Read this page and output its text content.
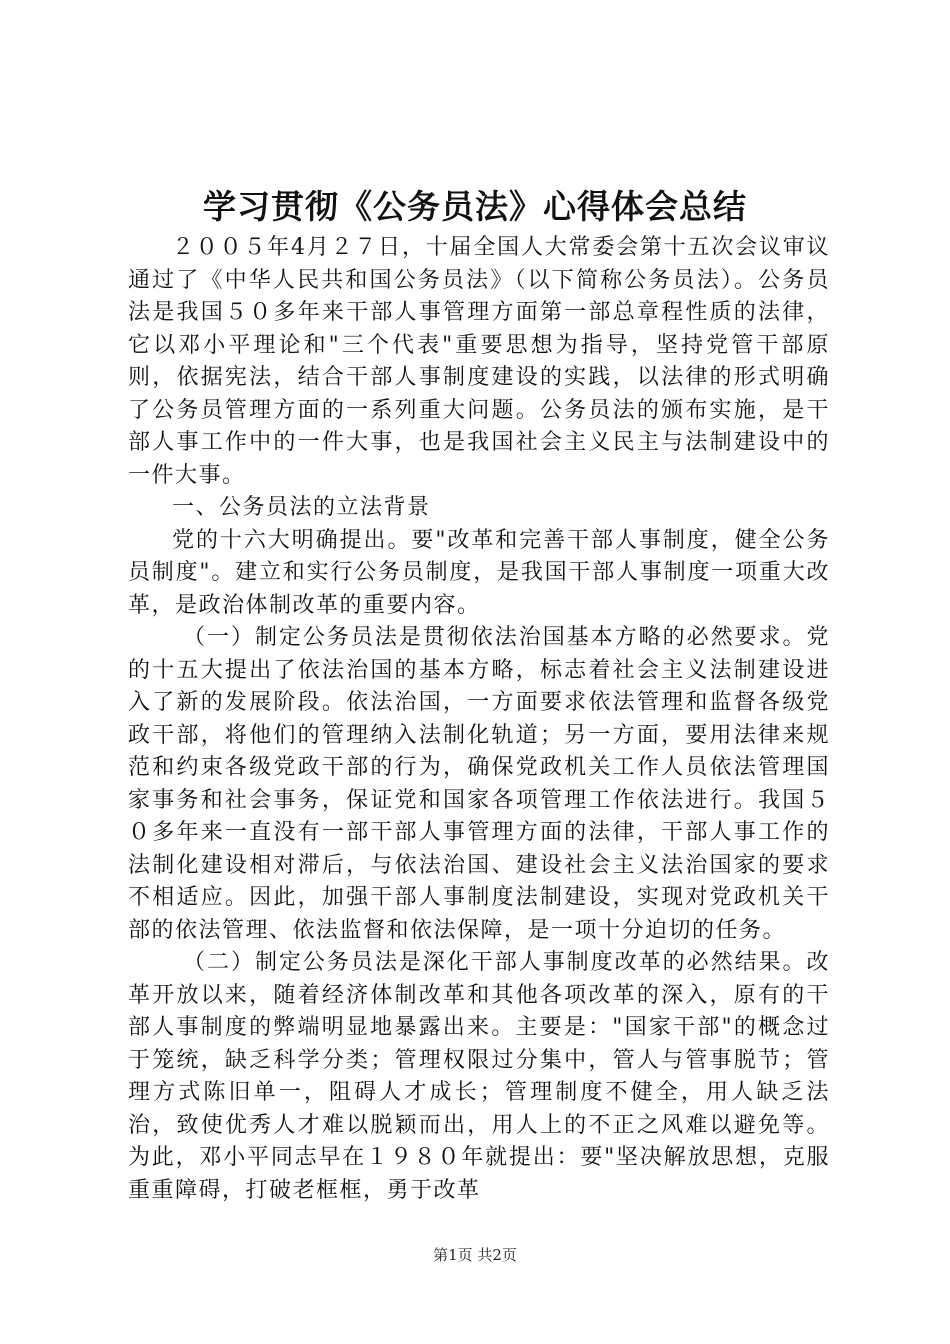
学习贯彻《公务员法》心得体会总结

２００５年4月２７日，十届全国人大常委会第十五次会议审议通过了《中华人民共和国公务员法》（以下简称公务员法）。公务员法是我国５０多年来干部人事管理方面第一部总章程性质的法律，它以邓小平理论和"三个代表"重要思想为指导，坚持党管干部原则，依据宪法，结合干部人事制度建设的实践，以法律的形式明确了公务员管理方面的一系列重大问题。公务员法的颁布实施，是干部人事工作中的一件大事，也是我国社会主义民主与法制建设中的一件大事。

一、公务员法的立法背景

党的十六大明确提出。要"改革和完善干部人事制度，健全公务员制度"。建立和实行公务员制度，是我国干部人事制度一项重大改革，是政治体制改革的重要内容。

（一）制定公务员法是贯彻依法治国基本方略的必然要求。党的十五大提出了依法治国的基本方略，标志着社会主义法制建设进入了新的发展阶段。依法治国，一方面要求依法管理和监督各级党政干部，将他们的管理纳入法制化轨道；另一方面，要用法律来规范和约束各级党政干部的行为，确保党政机关工作人员依法管理国家事务和社会事务，保证党和国家各项管理工作依法进行。我国５０多年来一直没有一部干部人事管理方面的法律，干部人事工作的法制化建设相对滞后，与依法治国、建设社会主义法治国家的要求不相适应。因此，加强干部人事制度法制建设，实现对党政机关干部的依法管理、依法监督和依法保障，是一项十分迫切的任务。

（二）制定公务员法是深化干部人事制度改革的必然结果。改革开放以来，随着经济体制改革和其他各项改革的深入，原有的干部人事制度的弊端明显地暴露出来。主要是："国家干部"的概念过于笼统，缺乏科学分类；管理权限过分集中，管人与管事脱节；管理方式陈旧单一，阻碍人才成长；管理制度不健全，用人缺乏法治，致使优秀人才难以脱颖而出，用人上的不正之风难以避免等。为此，邓小平同志早在１９８０年就提出：要"坚决解放思想，克服重重障碍，打破老框框，勇于改革

第1页 共2页
